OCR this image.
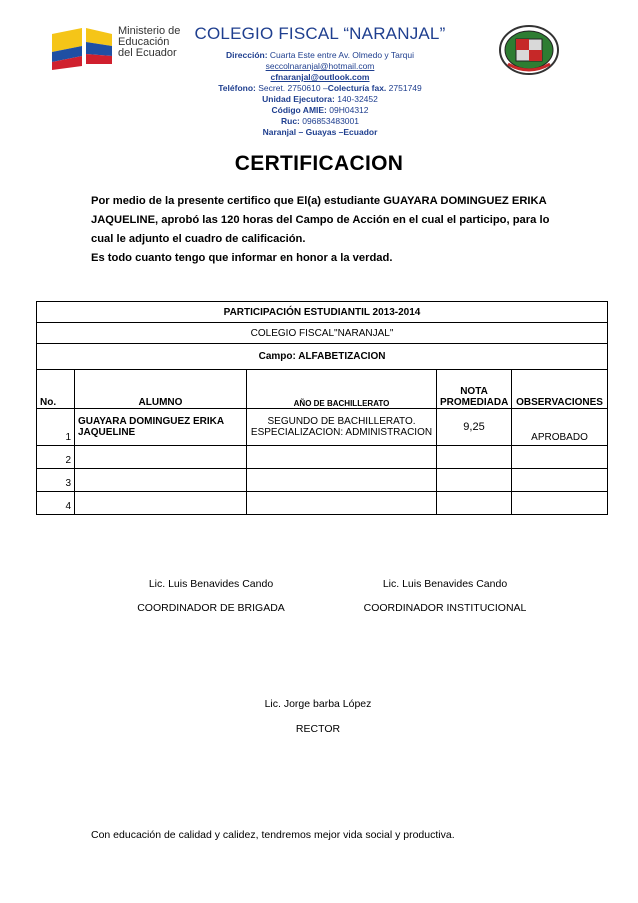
Ministerio de
Educación
del Ecuador
COLEGIO FISCAL “NARANJAL”
Dirección: Cuarta Este entre Av. Olmedo y Tarqui
seccolnaranjal@hotmail.com
cfnaranjal@outlook.com
Teléfono: Secret. 2750610 –Colecturía fax. 2751749
Unidad Ejecutora: 140-32452
Código AMIE: 09H04312
Ruc: 096853483001
Naranjal – Guayas –Ecuador
CERTIFICACION
Por medio de la presente certifico que El(a) estudiante GUAYARA DOMINGUEZ ERIKA JAQUELINE, aprobó las 120 horas del Campo de Acción en el cual el participo, para lo cual le adjunto el cuadro de calificación.
Es todo cuanto tengo que informar en honor a la verdad.
PARTICIPACIÓN ESTUDIANTIL 2013-2014				
COLEGIO FISCAL"NARANJAL"				
Campo: ALFABETIZACION				
No.	ALUMNO	AÑO DE BACHILLERATO	NOTA PROMEDIADA	OBSERVACIONES
1	GUAYARA DOMINGUEZ ERIKA JAQUELINE	SEGUNDO DE BACHILLERATO.
ESPECIALIZACION: ADMINISTRACION	9,25	APROBADO
2				
3				
4				
Lic. Luis Benavides Cando
COORDINADOR DE BRIGADA
Lic. Luis Benavides Cando
COORDINADOR INSTITUCIONAL
Lic. Jorge barba López
RECTOR
Con educación de calidad y calidez, tendremos mejor vida social y productiva.
